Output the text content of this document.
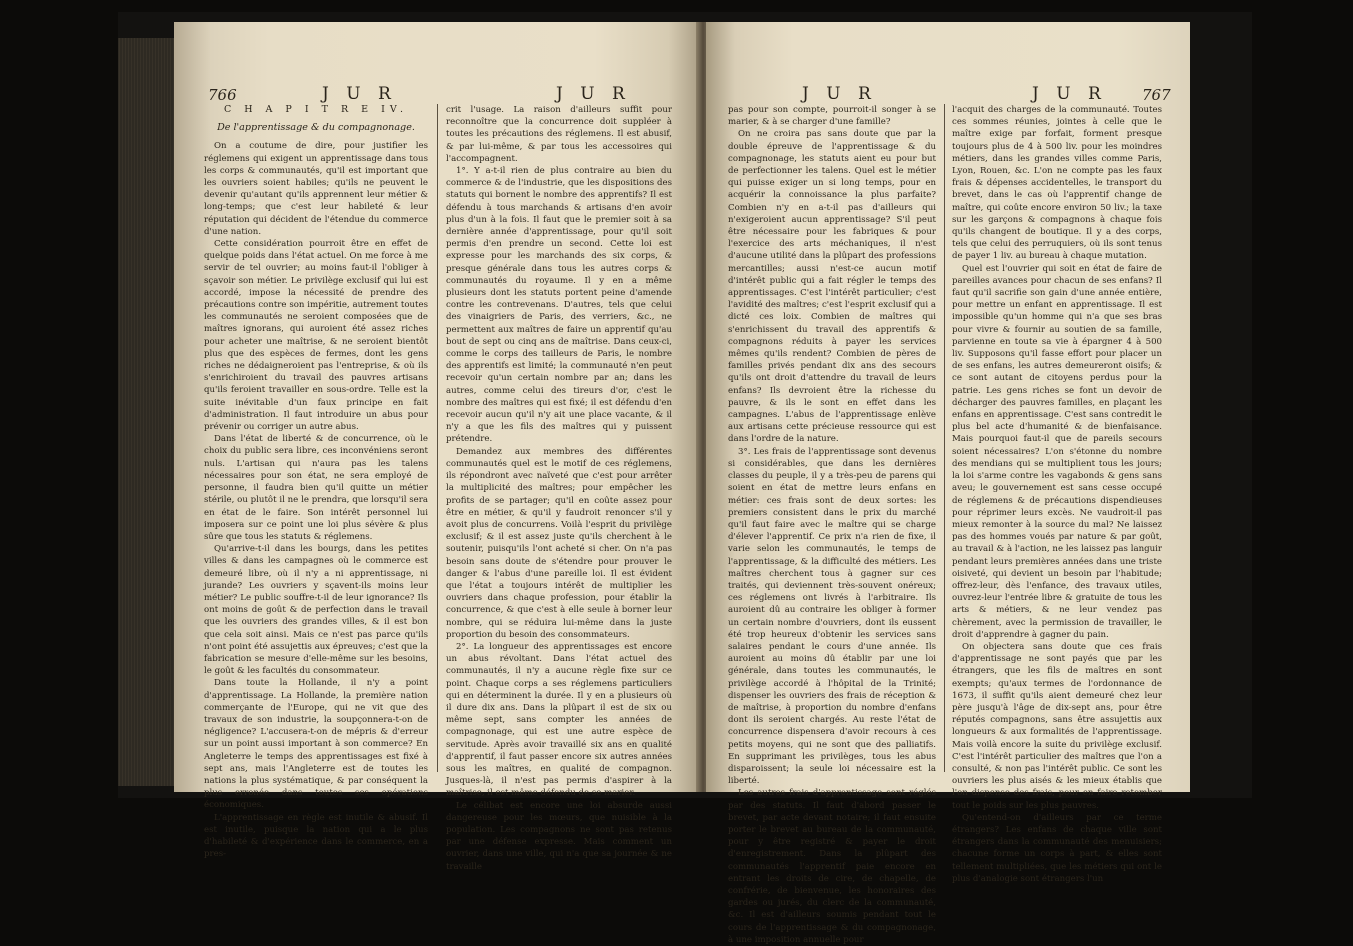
766	J U R	J U R

C H A P I T R E IV.

De l'apprentissage & du compagnonage.

On a coutume de dire, pour justifier les réglemens qui exigent un apprentissage dans tous les corps & communautés, qu'il est important que les ouvriers soient habiles; qu'ils ne peuvent le devenir qu'autant qu'ils apprennent leur métier & long-temps; que c'est leur habileté & leur réputation qui décident de l'étendue du commerce d'une nation.

Cette considération pourroit être en effet de quelque poids dans l'état actuel. On me force à me servir de tel ouvrier; au moins faut-il l'obliger à sçavoir son métier. Le privilège exclusif qui lui est accordé, impose la nécessité de prendre des précautions contre son impéritie, autrement toutes les communautés ne seroient composées que de maîtres ignorans, qui auroient été assez riches pour acheter une maîtrise, & ne seroient bientôt plus que des espèces de fermes, dont les gens riches ne dédaigneroient pas l'entreprise, & où ils s'enrichiroient du travail des pauvres artisans qu'ils feroient travailler en sous-ordre. Telle est la suite inévitable d'un faux principe en fait d'administration. Il faut introduire un abus pour prévenir ou corriger un autre abus.

Dans l'état de liberté & de concurrence, où le choix du public sera libre, ces inconvéniens seront nuls. L'artisan qui n'aura pas les talens nécessaires pour son état, ne sera employé de personne, il faudra bien qu'il quitte un métier stérile, ou plutôt il ne le prendra, que lorsqu'il sera en état de le faire. Son intérêt personnel lui imposera sur ce point une loi plus sévère & plus sûre que tous les statuts & réglemens.

Qu'arrive-t-il dans les bourgs, dans les petites villes & dans les campagnes où le commerce est demeuré libre, où il n'y a ni apprentissage, ni jurande? Les ouvriers y sçavent-ils moins leur métier? Le public souffre-t-il de leur ignorance? Ils ont moins de goût & de perfection dans le travail que les ouvriers des grandes villes, & il est bon que cela soit ainsi. Mais ce n'est pas parce qu'ils n'ont point été assujettis aux épreuves; c'est que la fabrication se mesure d'elle-même sur les besoins, le goût & les facultés du consommateur.

Dans toute la Hollande, il n'y a point d'apprentissage. La Hollande, la première nation commerçante de l'Europe, qui ne vit que des travaux de son industrie, la soupçonnera-t-on de négligence? L'accusera-t-on de mépris & d'erreur sur un point aussi important à son commerce? En Angleterre le temps des apprentissages est fixé à sept ans, mais l'Angleterre est de toutes les nations la plus systématique, & par conséquent la plus erronée dans toutes ses opérations économiques.

L'apprentissage en règle est inutile & abusif. Il est inutile, puisque la nation qui a le plus d'habileté & d'expérience dans le commerce, en a pres-

crit l'usage. La raison d'ailleurs suffit pour reconnoître que la concurrence doit suppléer à toutes les précautions des réglemens. Il est abusif, & par lui-même, & par tous les accessoires qui l'accompagnent.

1°. Y a-t-il rien de plus contraire au bien du commerce & de l'industrie, que les dispositions des statuts qui bornent le nombre des apprentifs? Il est défendu à tous marchands & artisans d'en avoir plus d'un à la fois. Il faut que le premier soit à sa dernière année d'apprentissage, pour qu'il soit permis d'en prendre un second. Cette loi est expresse pour les marchands des six corps, & presque générale dans tous les autres corps & communautés du royaume. Il y en a même plusieurs dont les statuts portent peine d'amende contre les contrevenans. D'autres, tels que celui des vinaigriers de Paris, des verriers, &c., ne permettent aux maîtres de faire un apprentif qu'au bout de sept ou cinq ans de maîtrise. Dans ceux-ci, comme le corps des tailleurs de Paris, le nombre des apprentifs est limité; la communauté n'en peut recevoir qu'un certain nombre par an; dans les autres, comme celui des tireurs d'or, c'est le nombre des maîtres qui est fixé; il est défendu d'en recevoir aucun qu'il n'y ait une place vacante, & il n'y a que les fils des maîtres qui y puissent prétendre.

Demandez aux membres des différentes communautés quel est le motif de ces réglemens, ils répondront avec naïveté que c'est pour arrêter la multiplicité des maîtres; pour empêcher les profits de se partager; qu'il en coûte assez pour être en métier, & qu'il y faudroit renoncer s'il y avoit plus de concurrens. Voilà l'esprit du privilège exclusif; & il est assez juste qu'ils cherchent à le soutenir, puisqu'ils l'ont acheté si cher. On n'a pas besoin sans doute de s'étendre pour prouver le danger & l'abus d'une pareille loi. Il est évident que l'état a toujours intérêt de multiplier les ouvriers dans chaque profession, pour établir la concurrence, & que c'est à elle seule à borner leur nombre, qui se réduira lui-même dans la juste proportion du besoin des consommateurs.

2°. La longueur des apprentissages est encore un abus révoltant. Dans l'état actuel des communautés, il n'y a aucune règle fixe sur ce point. Chaque corps a ses réglemens particuliers qui en déterminent la durée. Il y en a plusieurs où il dure dix ans. Dans la plûpart il est de six ou même sept, sans compter les années de compagnonage, qui est une autre espèce de servitude. Après avoir travaillé six ans en qualité d'apprentif, il faut passer encore six autres années sous les maîtres, en qualité de compagnon. Jusques-là, il n'est pas permis d'aspirer à la maîtrise, il est même défendu de se marier.

Le célibat est encore une loi absurde aussi dangereuse pour les mœurs, que nuisible à la population. Les compagnons ne sont pas retenus par une défense expresse. Mais comment un ouvrier, dans une ville, qui n'a que sa journée & ne travaille

J U R	J U R 767

pas pour son compte, pourroit-il songer à se marier, & à se charger d'une famille?

On ne croira pas sans doute que par la double épreuve de l'apprentissage & du compagnonage, les statuts aient eu pour but de perfectionner les talens. Quel est le métier qui puisse exiger un si long temps, pour en acquérir la connoissance la plus parfaite? Combien n'y en a-t-il pas d'ailleurs qui n'exigeroient aucun apprentissage? S'il peut être nécessaire pour les fabriques & pour l'exercice des arts méchaniques, il n'est d'aucune utilité dans la plûpart des professions mercantilles; aussi n'est-ce aucun motif d'intérêt public qui a fait régler le temps des apprentissages. C'est l'intérêt particulier; c'est l'avidité des maîtres; c'est l'esprit exclusif qui a dicté ces loix. Combien de maîtres qui s'enrichissent du travail des apprentifs & compagnons réduits à payer les services mêmes qu'ils rendent? Combien de pères de familles privés pendant dix ans des secours qu'ils ont droit d'attendre du travail de leurs enfans? Ils devroient être la richesse du pauvre, & ils le sont en effet dans les campagnes. L'abus de l'apprentissage enlève aux artisans cette précieuse ressource qui est dans l'ordre de la nature.

3°. Les frais de l'apprentissage sont devenus si considérables, que dans les dernières classes du peuple, il y a très-peu de parens qui soient en état de mettre leurs enfans en métier: ces frais sont de deux sortes: les premiers consistent dans le prix du marché qu'il faut faire avec le maître qui se charge d'élever l'apprentif. Ce prix n'a rien de fixe, il varie selon les communautés, le temps de l'apprentissage, & la difficulté des métiers. Les maîtres cherchent tous à gagner sur ces traités, qui deviennent très-souvent onéreux; ces réglemens ont livrés à l'arbitraire. Ils auroient dû au contraire les obliger à former un certain nombre d'ouvriers, dont ils eussent été trop heureux d'obtenir les services sans salaires pendant le cours d'une année. Ils auroient au moins dû établir par une loi générale, dans toutes les communautés, le privilège accordé à l'hôpital de la Trinité; dispenser les ouvriers des frais de réception & de maîtrise, à proportion du nombre d'enfans dont ils seroient chargés. Au reste l'état de concurrence dispensera d'avoir recours à ces petits moyens, qui ne sont que des palliatifs. En supprimant les privilèges, tous les abus disparoissent; la seule loi nécessaire est la liberté.

Les autres frais d'apprentissage sont réglés par des statuts. Il faut d'abord passer le brevet, par acte devant notaire; il faut ensuite porter le brevet au bureau de la communauté, pour y être registré & payer le droit d'enregistrement. Dans la plûpart des communautés l'apprentif paie encore en entrant les droits de cire, de chapelle, de confrérie, de bienvenue, les honoraires des gardes ou jurés, du clerc de la communauté, &c. Il est d'ailleurs soumis pendant tout le cours de l'apprentissage & du compagnonage, à une imposition annuelle pour

l'acquit des charges de la communauté. Toutes ces sommes réunies, jointes à celle que le maître exige par forfait, forment presque toujours plus de 4 à 500 liv. pour les moindres métiers, dans les grandes villes comme Paris, Lyon, Rouen, &c. L'on ne compte pas les faux frais & dépenses accidentelles, le transport du brevet, dans le cas où l'apprentif change de maître, qui coûte encore environ 50 liv.; la taxe sur les garçons & compagnons à chaque fois qu'ils changent de boutique. Il y a des corps, tels que celui des perruquiers, où ils sont tenus de payer 1 liv. au bureau à chaque mutation.

Quel est l'ouvrier qui soit en état de faire de pareilles avances pour chacun de ses enfans? Il faut qu'il sacrifie son gain d'une année entière, pour mettre un enfant en apprentissage. Il est impossible qu'un homme qui n'a que ses bras pour vivre & fournir au soutien de sa famille, parvienne en toute sa vie à épargner 4 à 500 liv. Supposons qu'il fasse effort pour placer un de ses enfans, les autres demeureront oisifs; & ce sont autant de citoyens perdus pour la patrie. Les gens riches se font un devoir de décharger des pauvres familles, en plaçant les enfans en apprentissage. C'est sans contredit le plus bel acte d'humanité & de bienfaisance. Mais pourquoi faut-il que de pareils secours soient nécessaires? L'on s'étonne du nombre des mendians qui se multiplient tous les jours; la loi s'arme contre les vagabonds & gens sans aveu; le gouvernement est sans cesse occupé de réglemens & de précautions dispendieuses pour réprimer leurs excès. Ne vaudroit-il pas mieux remonter à la source du mal? Ne laissez pas des hommes voués par nature & par goût, au travail & à l'action, ne les laissez pas languir pendant leurs premières années dans une triste oisiveté, qui devient un besoin par l'habitude; offrez-leur, dès l'enfance, des travaux utiles, ouvrez-leur l'entrée libre & gratuite de tous les arts & métiers, & ne leur vendez pas chèrement, avec la permission de travailler, le droit d'apprendre à gagner du pain.

On objectera sans doute que ces frais d'apprentissage ne sont payés que par les étrangers, que les fils de maîtres en sont exempts; qu'aux termes de l'ordonnance de 1673, il suffit qu'ils aient demeuré chez leur père jusqu'à l'âge de dix-sept ans, pour être réputés compagnons, sans être assujettis aux longueurs & aux formalités de l'apprentissage. Mais voilà encore la suite du privilège exclusif. C'est l'intérêt particulier des maîtres que l'on a consulté, & non pas l'intérêt public. Ce sont les ouvriers les plus aisés & les mieux établis que l'on dispense des frais, pour en faire retomber tout le poids sur les plus pauvres.

Qu'entend-on d'ailleurs par ce terme étrangers? Les enfans de chaque ville sont étrangers dans la communauté des menuisiers; chacune forme un corps à part, & elles sont tellement multipliées, que les métiers qui ont le plus d'analogie sont étrangers l'un
